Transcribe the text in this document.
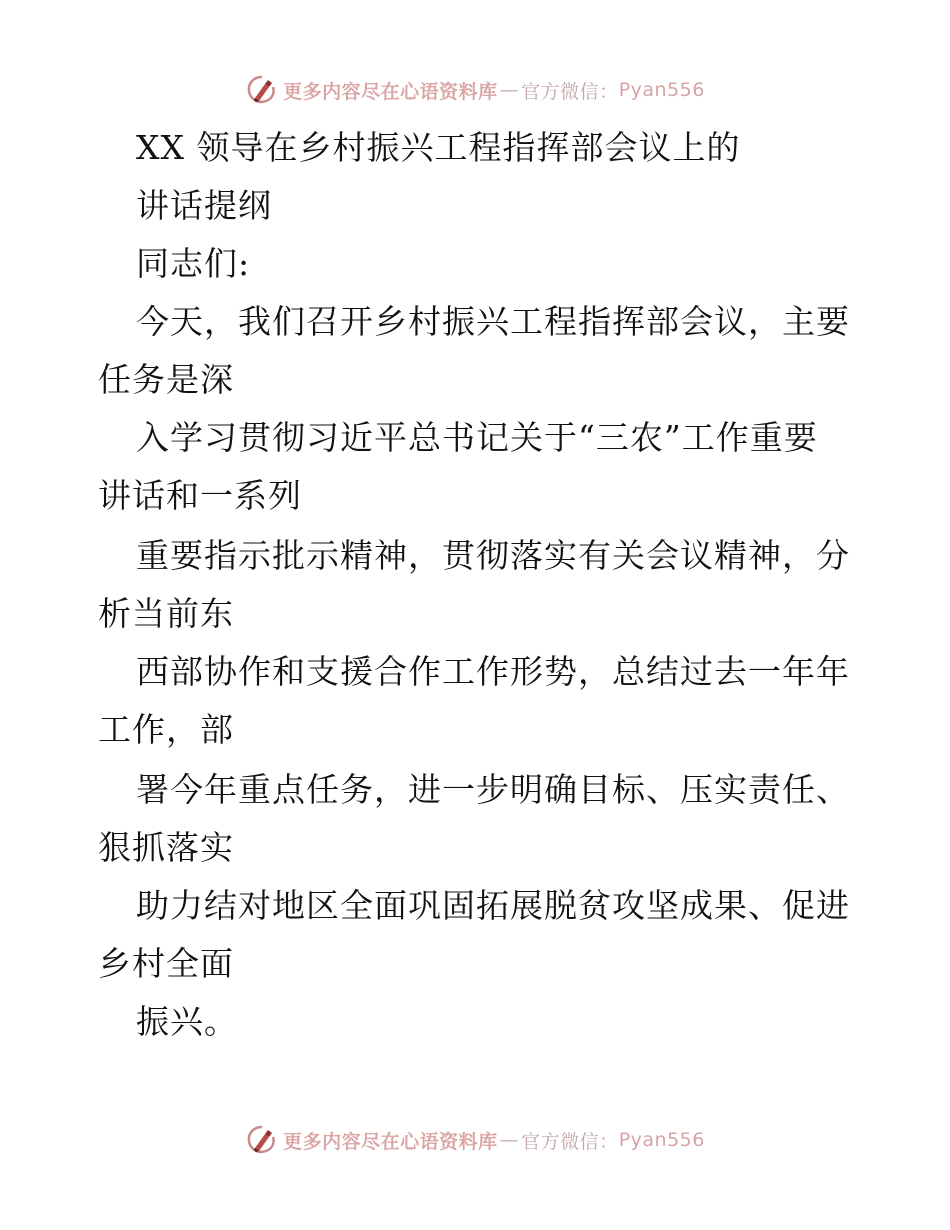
更多内容尽在心语资料库 — 官方微信： Pyan556
XX 领导在乡村振兴工程指挥部会议上的
讲话提纲
同志们:
今天，我们召开乡村振兴工程指挥部会议，主要
任务是深
入学习贯彻习近平总书记关于“三农”工作重要
讲话和一系列
重要指示批示精神，贯彻落实有关会议精神，分
析当前东
西部协作和支援合作工作形势，总结过去一年年
工作，部
署今年重点任务，进一步明确目标、压实责任、
狠抓落实
助力结对地区全面巩固拓展脱贫攻坚成果、促进
乡村全面
振兴。
更多内容尽在心语资料库 — 官方微信： Pyan556
